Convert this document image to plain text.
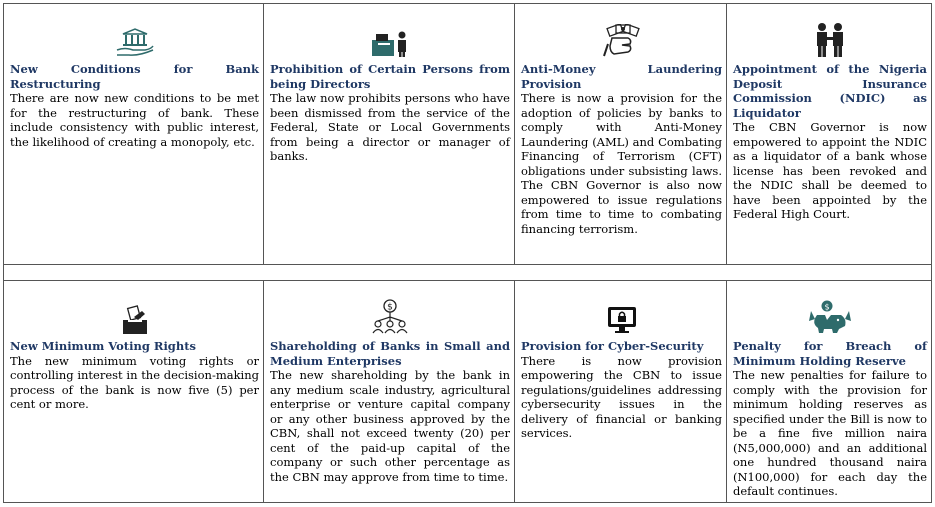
New Conditions for Bank Restructuring

There are now new conditions to be met for the restructuring of bank. These include consistency with public interest, the likelihood of creating a monopoly, etc.

Prohibition of Certain Persons from being Directors

The law now prohibits persons who have been dismissed from the service of the Federal, State or Local Governments from being a director or manager of banks.

Anti-Money Laundering Provision

There is now a provision for the adoption of policies by banks to comply with Anti-Money Laundering (AML) and Combating Financing of Terrorism (CFT) obligations under subsisting laws. The CBN Governor is also now empowered to issue regulations from time to time to combating financing terrorism.

Appointment of the Nigeria Deposit Insurance Commission (NDIC) as Liquidator

The CBN Governor is now empowered to appoint the NDIC as a liquidator of a bank whose license has been revoked and the NDIC shall be deemed to have been appointed by the Federal High Court.

New Minimum Voting Rights

The new minimum voting rights or controlling interest in the decision-making process of the bank is now five (5) per cent or more.

$

Shareholding of Banks in Small and Medium Enterprises

The new shareholding by the bank in any medium scale industry, agricultural enterprise or venture capital company or any other business approved by the CBN, shall not exceed twenty (20) per cent of the paid-up capital of the company or such other percentage as the CBN may approve from time to time.

Provision for Cyber-Security

There is now provision empowering the CBN to issue regulations/guidelines addressing cybersecurity issues in the delivery of financial or banking services.

$

Penalty for Breach of Minimum Holding Reserve

The new penalties for failure to comply with the provision for minimum holding reserves as specified under the Bill is now to be a fine five million naira (N5,000,000) and an additional one hundred thousand naira (N100,000) for each day the default continues.
